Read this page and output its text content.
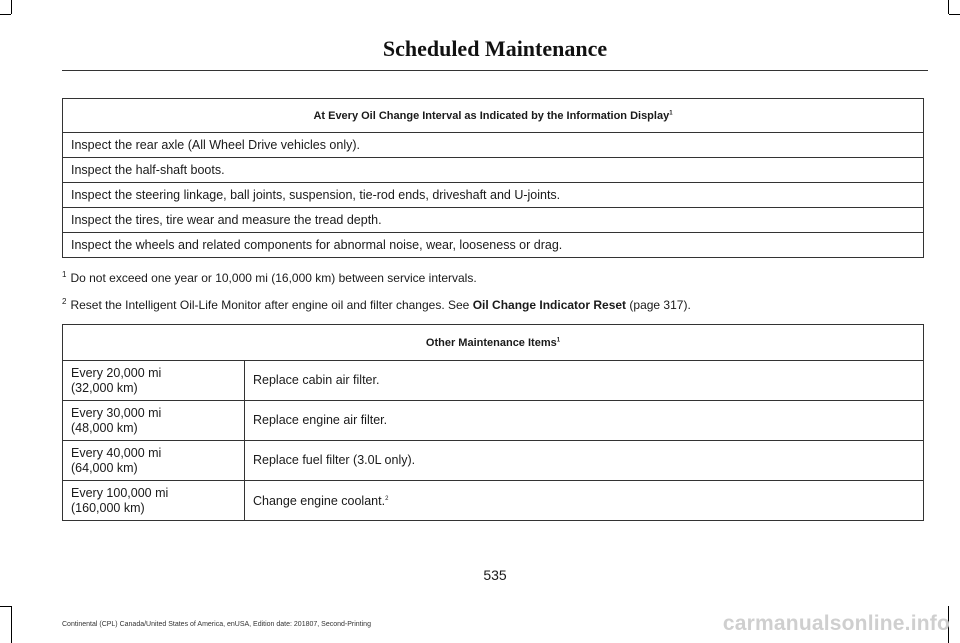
Scheduled Maintenance
At Every Oil Change Interval as Indicated by the Information Display$^1$
Inspect the rear axle (All Wheel Drive vehicles only).
Inspect the half-shaft boots.
Inspect the steering linkage, ball joints, suspension, tie-rod ends, driveshaft and U-joints.
Inspect the tires, tire wear and measure the tread depth.
Inspect the wheels and related components for abnormal noise, wear, looseness or drag.
$^1$ Do not exceed one year or 10,000 mi (16,000 km) between service intervals.
$^2$ Reset the Intelligent Oil-Life Monitor after engine oil and filter changes. See Oil Change Indicator Reset (page 317).
Other Maintenance Items$^1$
Every 20,000 mi
(32,000 km)	Replace cabin air filter.
Every 30,000 mi
(48,000 km)	Replace engine air filter.
Every 40,000 mi
(64,000 km)	Replace fuel filter (3.0L only).
Every 100,000 mi
(160,000 km)	Change engine coolant.$^2$
535
Continental (CPL) Canada/United States of America, enUSA, Edition date: 201807, Second-Printing	carmanualsonline.info
